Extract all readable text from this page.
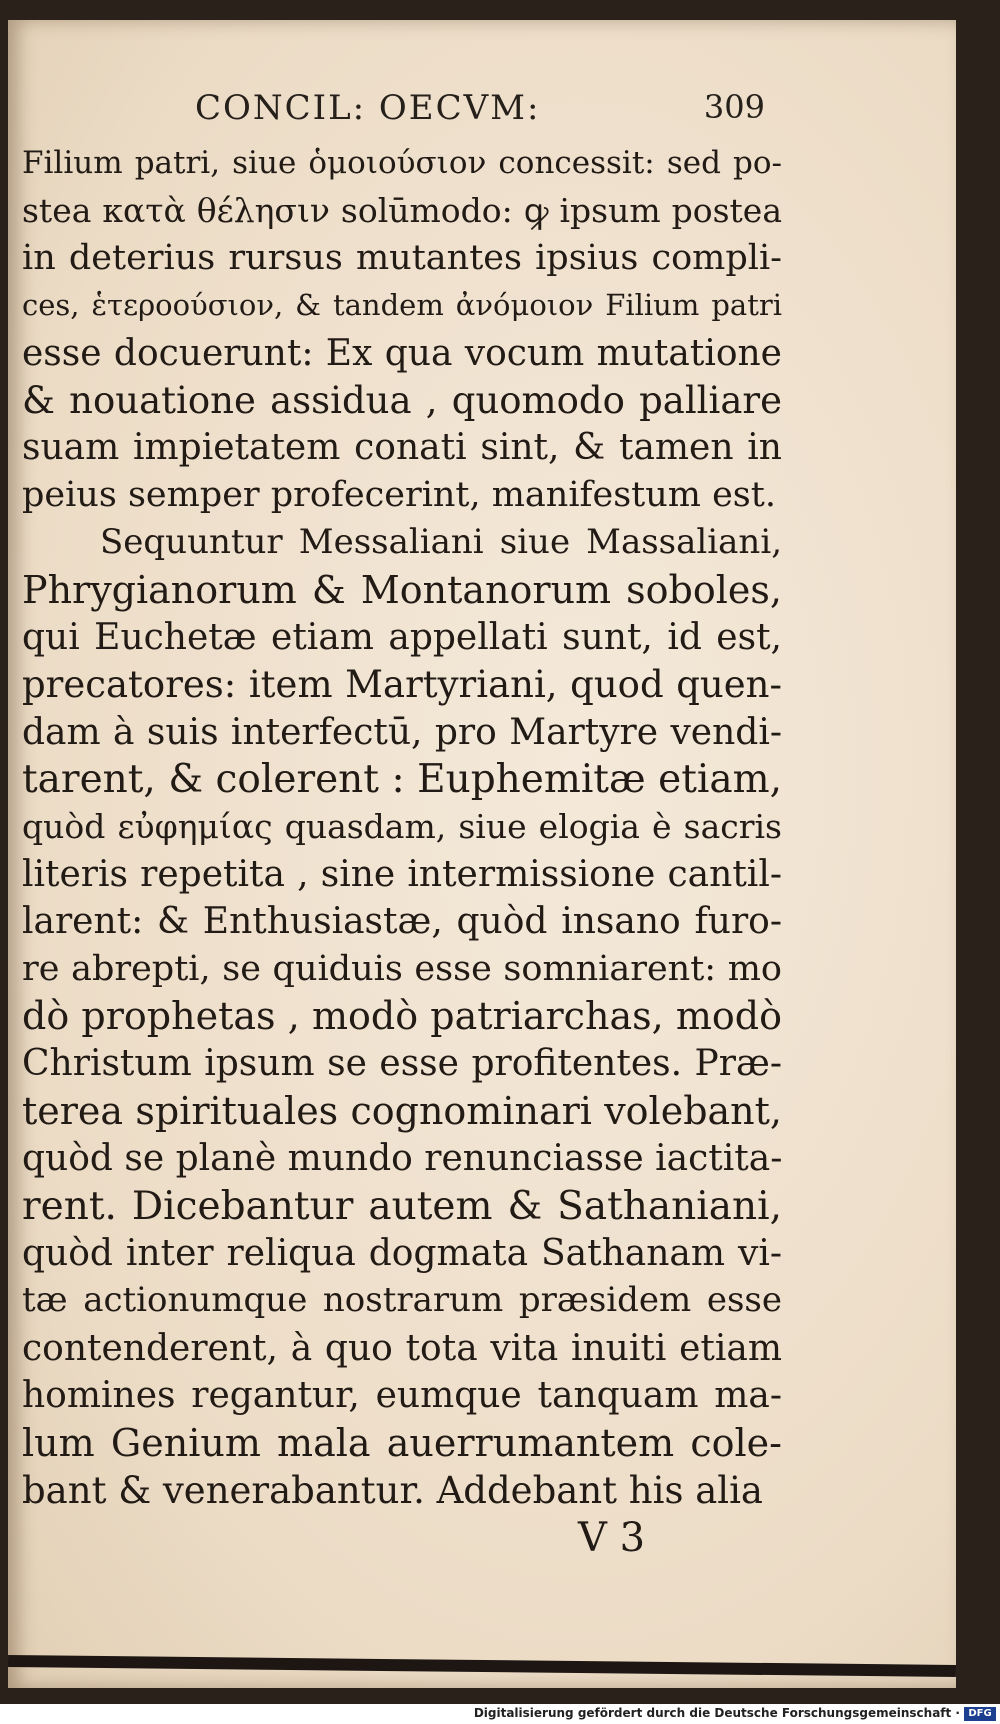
CONCIL: OECVM:	309
Filium patri, siue ὁμοιούσιον concessit: sed po-
stea κατὰ θέλησιν solūmodo: ꝙ ipsum postea
in deterius rursus mutantes ipsius compli-
ces, ἑτεροούσιον, & tandem ἀνόμοιον Filium patri
esse docuerunt: Ex qua vocum mutatione
& nouatione assidua , quomodo palliare
suam impietatem conati sint, & tamen in
peius semper profecerint, manifestum est.
Sequuntur Messaliani siue Massaliani,
Phrygianorum & Montanorum soboles,
qui Euchetæ etiam appellati sunt, id est,
precatores: item Martyriani, quod quen-
dam à suis interfectū, pro Martyre vendi-
tarent, & colerent : Euphemitæ etiam,
quòd εὐφημίας quasdam, siue elogia è sacris
literis repetita , sine intermissione cantil-
larent: & Enthusiastæ, quòd insano furo-
re abrepti, se quiduis esse somniarent: mo
dò prophetas , modò patriarchas, modò
Christum ipsum se esse profitentes. Præ-
terea spirituales cognominari volebant,
quòd se planè mundo renunciasse iactita-
rent. Dicebantur autem & Sathaniani,
quòd inter reliqua dogmata Sathanam vi-
tæ actionumque nostrarum præsidem esse
contenderent, à quo tota vita inuiti etiam
homines regantur, eumque tanquam ma-
lum Genium mala auerrumantem cole-
bant & venerabantur. Addebant his alia
V 3
Digitalisierung gefördert durch die Deutsche Forschungsgemeinschaft · DFG
